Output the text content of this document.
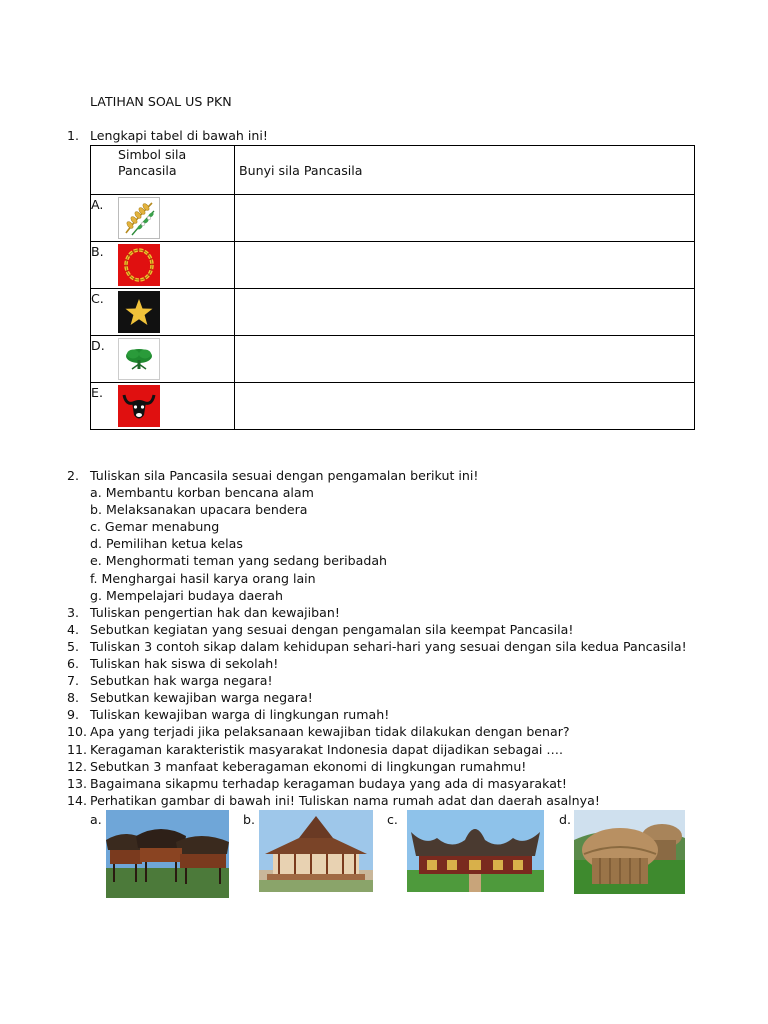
LATIHAN SOAL US PKN
1. Lengkapi tabel di bawah ini!
Simbol sila Pancasila	Bunyi sila Pancasila

A.	

B.	

C.	

D.	

E.	

2. Tuliskan sila Pancasila sesuai dengan pengamalan berikut ini!
a. Membantu korban bencana alam
b. Melaksanakan upacara bendera
c. Gemar menabung
d. Pemilihan ketua kelas
e. Menghormati teman yang sedang beribadah
f. Menghargai hasil karya orang lain
g. Mempelajari budaya daerah
3. Tuliskan pengertian hak dan kewajiban!
4. Sebutkan kegiatan yang sesuai dengan pengamalan sila keempat Pancasila!
5. Tuliskan 3 contoh sikap dalam kehidupan sehari-hari yang sesuai dengan sila kedua Pancasila!
6. Tuliskan hak siswa di sekolah!
7. Sebutkan hak warga negara!
8. Sebutkan kewajiban warga negara!
9. Tuliskan kewajiban warga di lingkungan rumah!
10. Apa yang terjadi jika pelaksanaan kewajiban tidak dilakukan dengan benar?
11. Keragaman karakteristik masyarakat Indonesia dapat dijadikan sebagai ….
12. Sebutkan 3 manfaat keberagaman ekonomi di lingkungan rumahmu!
13. Bagaimana sikapmu terhadap keragaman budaya yang ada di masyarakat!
14. Perhatikan gambar di bawah ini! Tuliskan nama rumah adat dan daerah asalnya!
a.	b.	c.	d.
